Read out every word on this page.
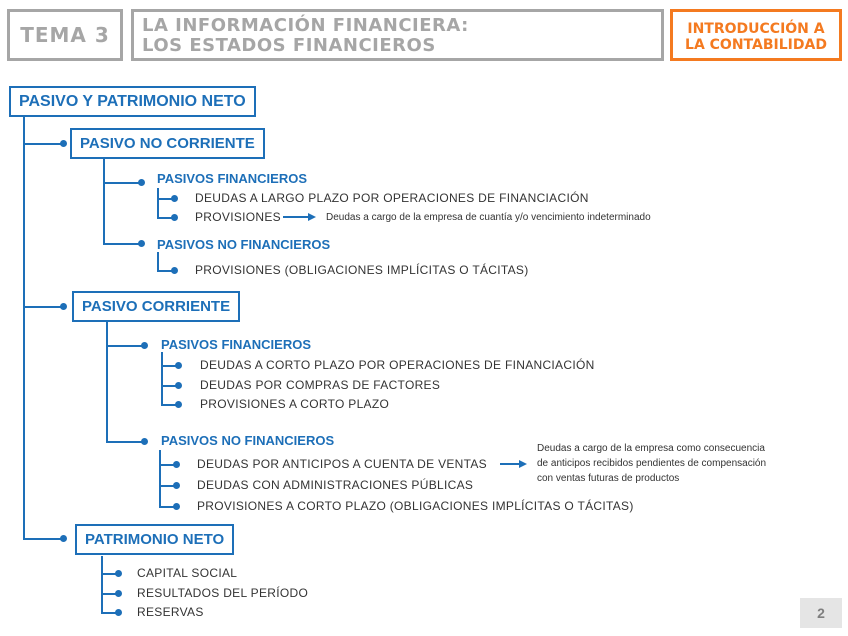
TEMA 3	LA INFORMACIÓN FINANCIERA:
LOS ESTADOS FINANCIEROS
INTRODUCCIÓN A
LA CONTABILIDAD
PASIVO Y PATRIMONIO NETO
PASIVO NO CORRIENTE
PASIVOS FINANCIEROS
DEUDAS A LARGO PLAZO POR OPERACIONES DE FINANCIACIÓN
PROVISIONES	Deudas a cargo de la empresa de cuantía y/o vencimiento indeterminado
PASIVOS NO FINANCIEROS
PROVISIONES (OBLIGACIONES IMPLÍCITAS O TÁCITAS)
PASIVO CORRIENTE
PASIVOS FINANCIEROS
DEUDAS A CORTO PLAZO POR OPERACIONES DE FINANCIACIÓN
DEUDAS POR COMPRAS DE FACTORES
PROVISIONES A CORTO PLAZO
PASIVOS NO FINANCIEROS
DEUDAS POR ANTICIPOS A CUENTA DE VENTAS
DEUDAS CON ADMINISTRACIONES PÚBLICAS
PROVISIONES A CORTO PLAZO (OBLIGACIONES IMPLÍCITAS O TÁCITAS)
Deudas a cargo de la empresa como consecuencia
de anticipos recibidos pendientes de compensación
con ventas futuras de productos
PATRIMONIO NETO
CAPITAL SOCIAL
RESULTADOS DEL PERÍODO
RESERVAS	2
